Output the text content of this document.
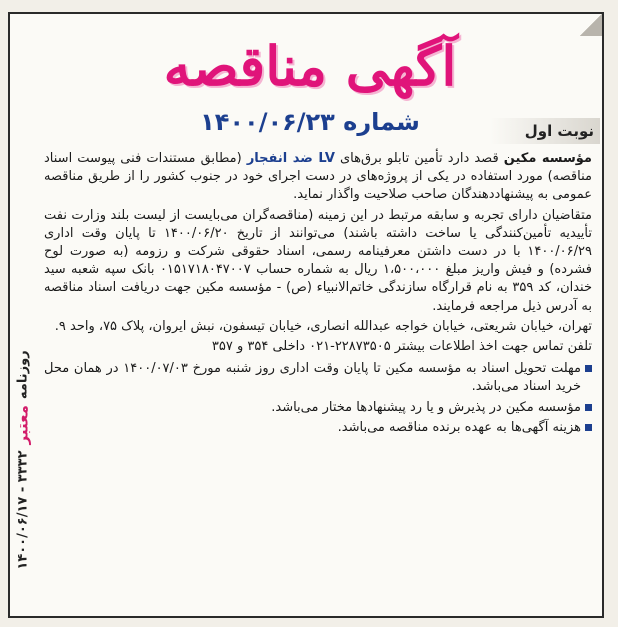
روزنامه
معتبر
۳۳۳۲ - ۱۴۰۰/۰۶/۱۷
آگهی مناقصه
شماره ۱۴۰۰/۰۶/۲۳	نوبت اول

مؤسسه مکین قصد دارد تأمین تابلو برق‌های LV ضد انفجار (مطابق مستندات فنی پیوست اسناد مناقصه) مورد استفاده در یکی از پروژه‌های در دست اجرای خود در جنوب کشور را از طریق مناقصه عمومی به پیشنهاددهندگان صاحب صلاحیت واگذار نماید.

متقاضیان دارای تجربه و سابقه مرتبط در این زمینه (مناقصه‌گران می‌بایست از لیست بلند وزارت نفت تأییدیه تأمین‌کنندگی یا ساخت داشته باشند) می‌توانند از تاریخ ۱۴۰۰/۰۶/۲۰ تا پایان وقت اداری ۱۴۰۰/۰۶/۲۹ با در دست داشتن معرفینامه رسمی، اسناد حقوقی شرکت و رزومه (به صورت لوح فشرده) و فیش واریز مبلغ ۱،۵۰۰،۰۰۰ ریال به شماره حساب ۰۱۵۱۷۱۸۰۴۷۰۰۷ بانک سپه شعبه سید خندان، کد ۳۵۹ به نام قرارگاه سازندگی خاتم‌الانبیاء (ص) - مؤسسه مکین جهت دریافت اسناد مناقصه به آدرس ذیل مراجعه فرمایند.

تهران، خیابان شریعتی، خیابان خواجه عبدالله انصاری، خیابان تیسفون، نبش ایروان، پلاک ۷۵، واحد ۹.

تلفن تماس جهت اخذ اطلاعات بیشتر ۲۲۸۷۳۵۰۵-۰۲۱ داخلی ۳۵۴ و ۳۵۷

مهلت تحویل اسناد به مؤسسه مکین تا پایان وقت اداری روز شنبه مورخ ۱۴۰۰/۰۷/۰۳ در همان محل خرید اسناد می‌باشد.
مؤسسه مکین در پذیرش و یا رد پیشنهادها مختار می‌باشد.
هزینه آگهی‌ها به عهده برنده مناقصه می‌باشد.
